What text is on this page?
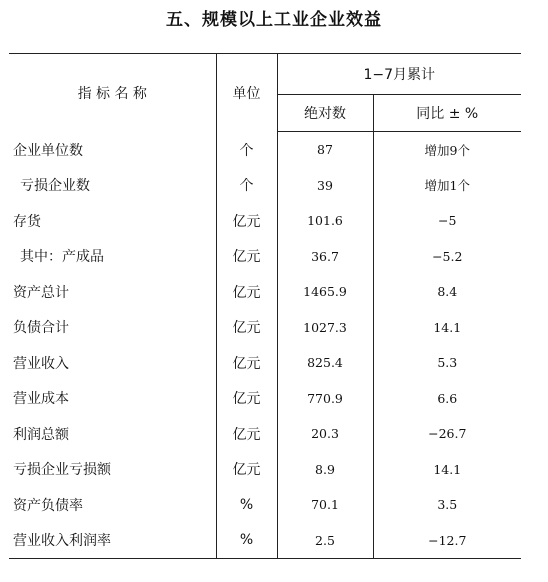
五、规模以上工业企业效益
指 标 名 称	单位	1−7月累计	
		绝对数	同比 ± %
企业单位数	个	87	增加9个
亏损企业数	个	39	增加1个
存货	亿元	101.6	−5
其中：产成品	亿元	36.7	−5.2
资产总计	亿元	1465.9	8.4
负债合计	亿元	1027.3	14.1
营业收入	亿元	825.4	5.3
营业成本	亿元	770.9	6.6
利润总额	亿元	20.3	−26.7
亏损企业亏损额	亿元	8.9	14.1
资产负债率	%	70.1	3.5
营业收入利润率	%	2.5	−12.7
